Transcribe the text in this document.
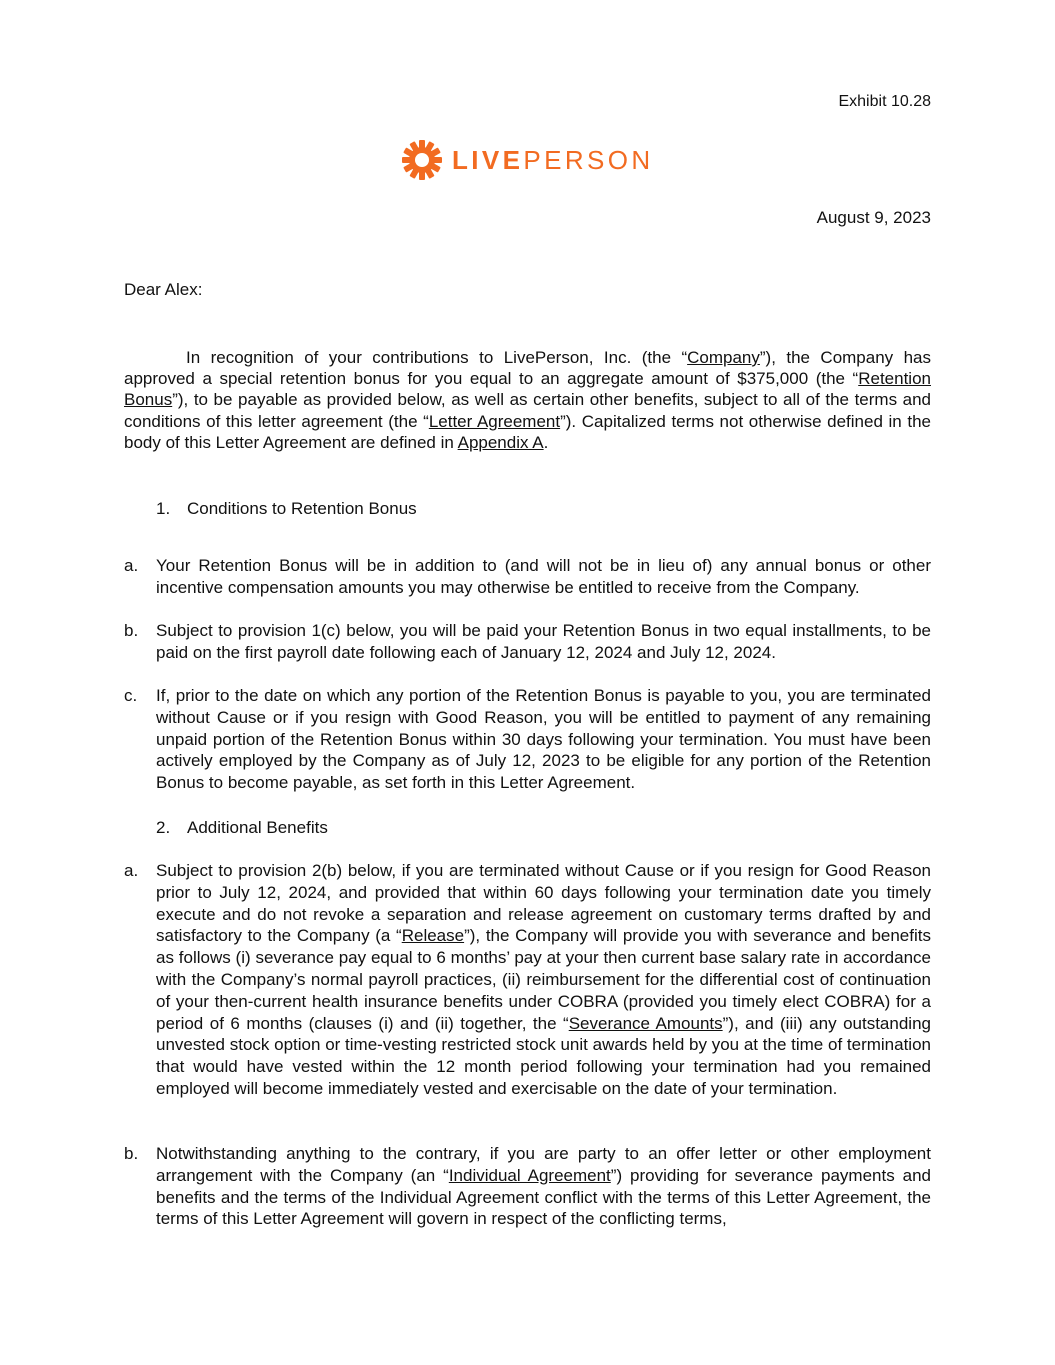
Exhibit 10.28
LIVEPERSON
August 9, 2023
Dear Alex:
In recognition of your contributions to LivePerson, Inc. (the “Company”), the Company has approved a special retention bonus for you equal to an aggregate amount of $375,000 (the “Retention Bonus”), to be payable as provided below, as well as certain other benefits, subject to all of the terms and conditions of this letter agreement (the “Letter Agreement”). Capitalized terms not otherwise defined in the body of this Letter Agreement are defined in Appendix A.
1. Conditions to Retention Bonus
a. Your Retention Bonus will be in addition to (and will not be in lieu of) any annual bonus or other incentive compensation amounts you may otherwise be entitled to receive from the Company.
b. Subject to provision 1(c) below, you will be paid your Retention Bonus in two equal installments, to be paid on the first payroll date following each of January 12, 2024 and July 12, 2024.
c. If, prior to the date on which any portion of the Retention Bonus is payable to you, you are terminated without Cause or if you resign with Good Reason, you will be entitled to payment of any remaining unpaid portion of the Retention Bonus within 30 days following your termination. You must have been actively employed by the Company as of July 12, 2023 to be eligible for any portion of the Retention Bonus to become payable, as set forth in this Letter Agreement.
2. Additional Benefits
a. Subject to provision 2(b) below, if you are terminated without Cause or if you resign for Good Reason prior to July 12, 2024, and provided that within 60 days following your termination date you timely execute and do not revoke a separation and release agreement on customary terms drafted by and satisfactory to the Company (a “Release”), the Company will provide you with severance and benefits as follows (i) severance pay equal to 6 months’ pay at your then current base salary rate in accordance with the Company’s normal payroll practices, (ii) reimbursement for the differential cost of continuation of your then-current health insurance benefits under COBRA (provided you timely elect COBRA) for a period of 6 months (clauses (i) and (ii) together, the “Severance Amounts”), and (iii) any outstanding unvested stock option or time-vesting restricted stock unit awards held by you at the time of termination that would have vested within the 12 month period following your termination had you remained employed will become immediately vested and exercisable on the date of your termination.
b. Notwithstanding anything to the contrary, if you are party to an offer letter or other employment arrangement with the Company (an “Individual Agreement”) providing for severance payments and benefits and the terms of the Individual Agreement conflict with the terms of this Letter Agreement, the terms of this Letter Agreement will govern in respect of the conflicting terms,
